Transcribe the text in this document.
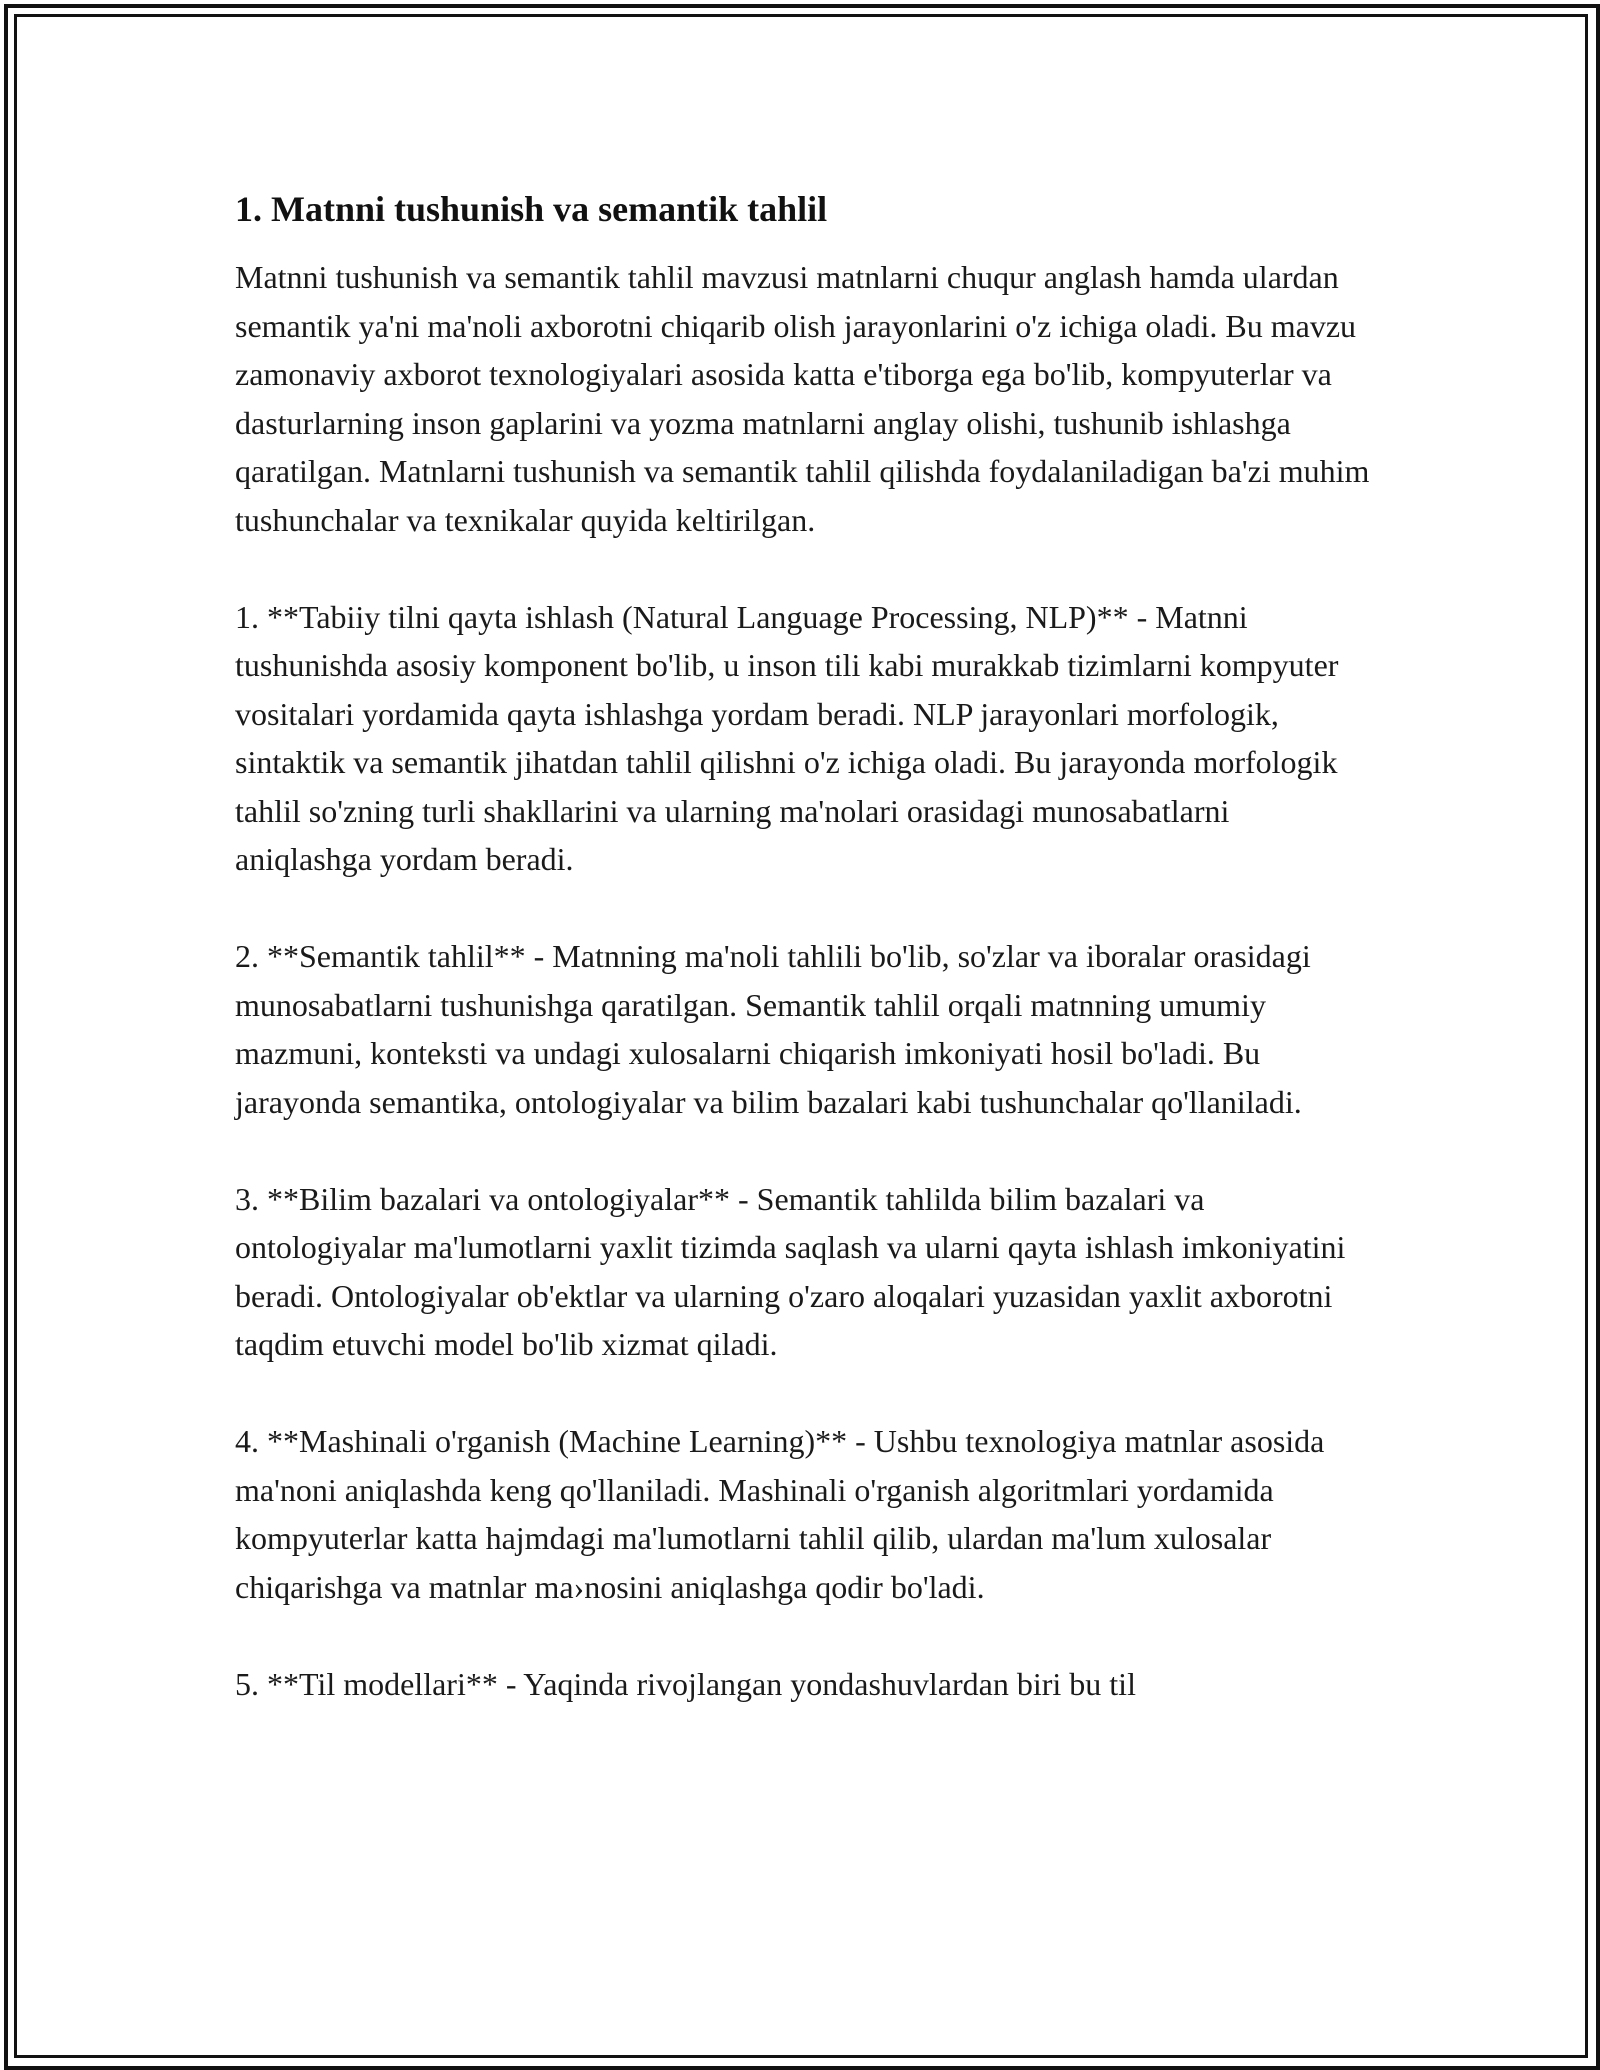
1. Matnni tushunish va semantik tahlil

Matnni tushunish va semantik tahlil mavzusi matnlarni chuqur anglash hamda ulardan semantik ya'ni ma'noli axborotni chiqarib olish jarayonlarini o'z ichiga oladi. Bu mavzu zamonaviy axborot texnologiyalari asosida katta e'tiborga ega bo'lib, kompyuterlar va dasturlarning inson gaplarini va yozma matnlarni anglay olishi, tushunib ishlashga qaratilgan. Matnlarni tushunish va semantik tahlil qilishda foydalaniladigan ba'zi muhim tushunchalar va texnikalar quyida keltirilgan.

1. **Tabiiy tilni qayta ishlash (Natural Language Processing, NLP)** - Matnni tushunishda asosiy komponent bo'lib, u inson tili kabi murakkab tizimlarni kompyuter vositalari yordamida qayta ishlashga yordam beradi. NLP jarayonlari morfologik, sintaktik va semantik jihatdan tahlil qilishni o'z ichiga oladi. Bu jarayonda morfologik tahlil so'zning turli shakllarini va ularning ma'nolari orasidagi munosabatlarni aniqlashga yordam beradi.

2. **Semantik tahlil** - Matnning ma'noli tahlili bo'lib, so'zlar va iboralar orasidagi munosabatlarni tushunishga qaratilgan. Semantik tahlil orqali matnning umumiy mazmuni, konteksti va undagi xulosalarni chiqarish imkoniyati hosil bo'ladi. Bu jarayonda semantika, ontologiyalar va bilim bazalari kabi tushunchalar qo'llaniladi.

3. **Bilim bazalari va ontologiyalar** - Semantik tahlilda bilim bazalari va ontologiyalar ma'lumotlarni yaxlit tizimda saqlash va ularni qayta ishlash imkoniyatini beradi. Ontologiyalar ob'ektlar va ularning o'zaro aloqalari yuzasidan yaxlit axborotni taqdim etuvchi model bo'lib xizmat qiladi.

4. **Mashinali o'rganish (Machine Learning)** - Ushbu texnologiya matnlar asosida ma'noni aniqlashda keng qo'llaniladi. Mashinali o'rganish algoritmlari yordamida kompyuterlar katta hajmdagi ma'lumotlarni tahlil qilib, ulardan ma'lum xulosalar chiqarishga va matnlar ma›nosini aniqlashga qodir bo'ladi.

5. **Til modellari** - Yaqinda rivojlangan yondashuvlardan biri bu til
